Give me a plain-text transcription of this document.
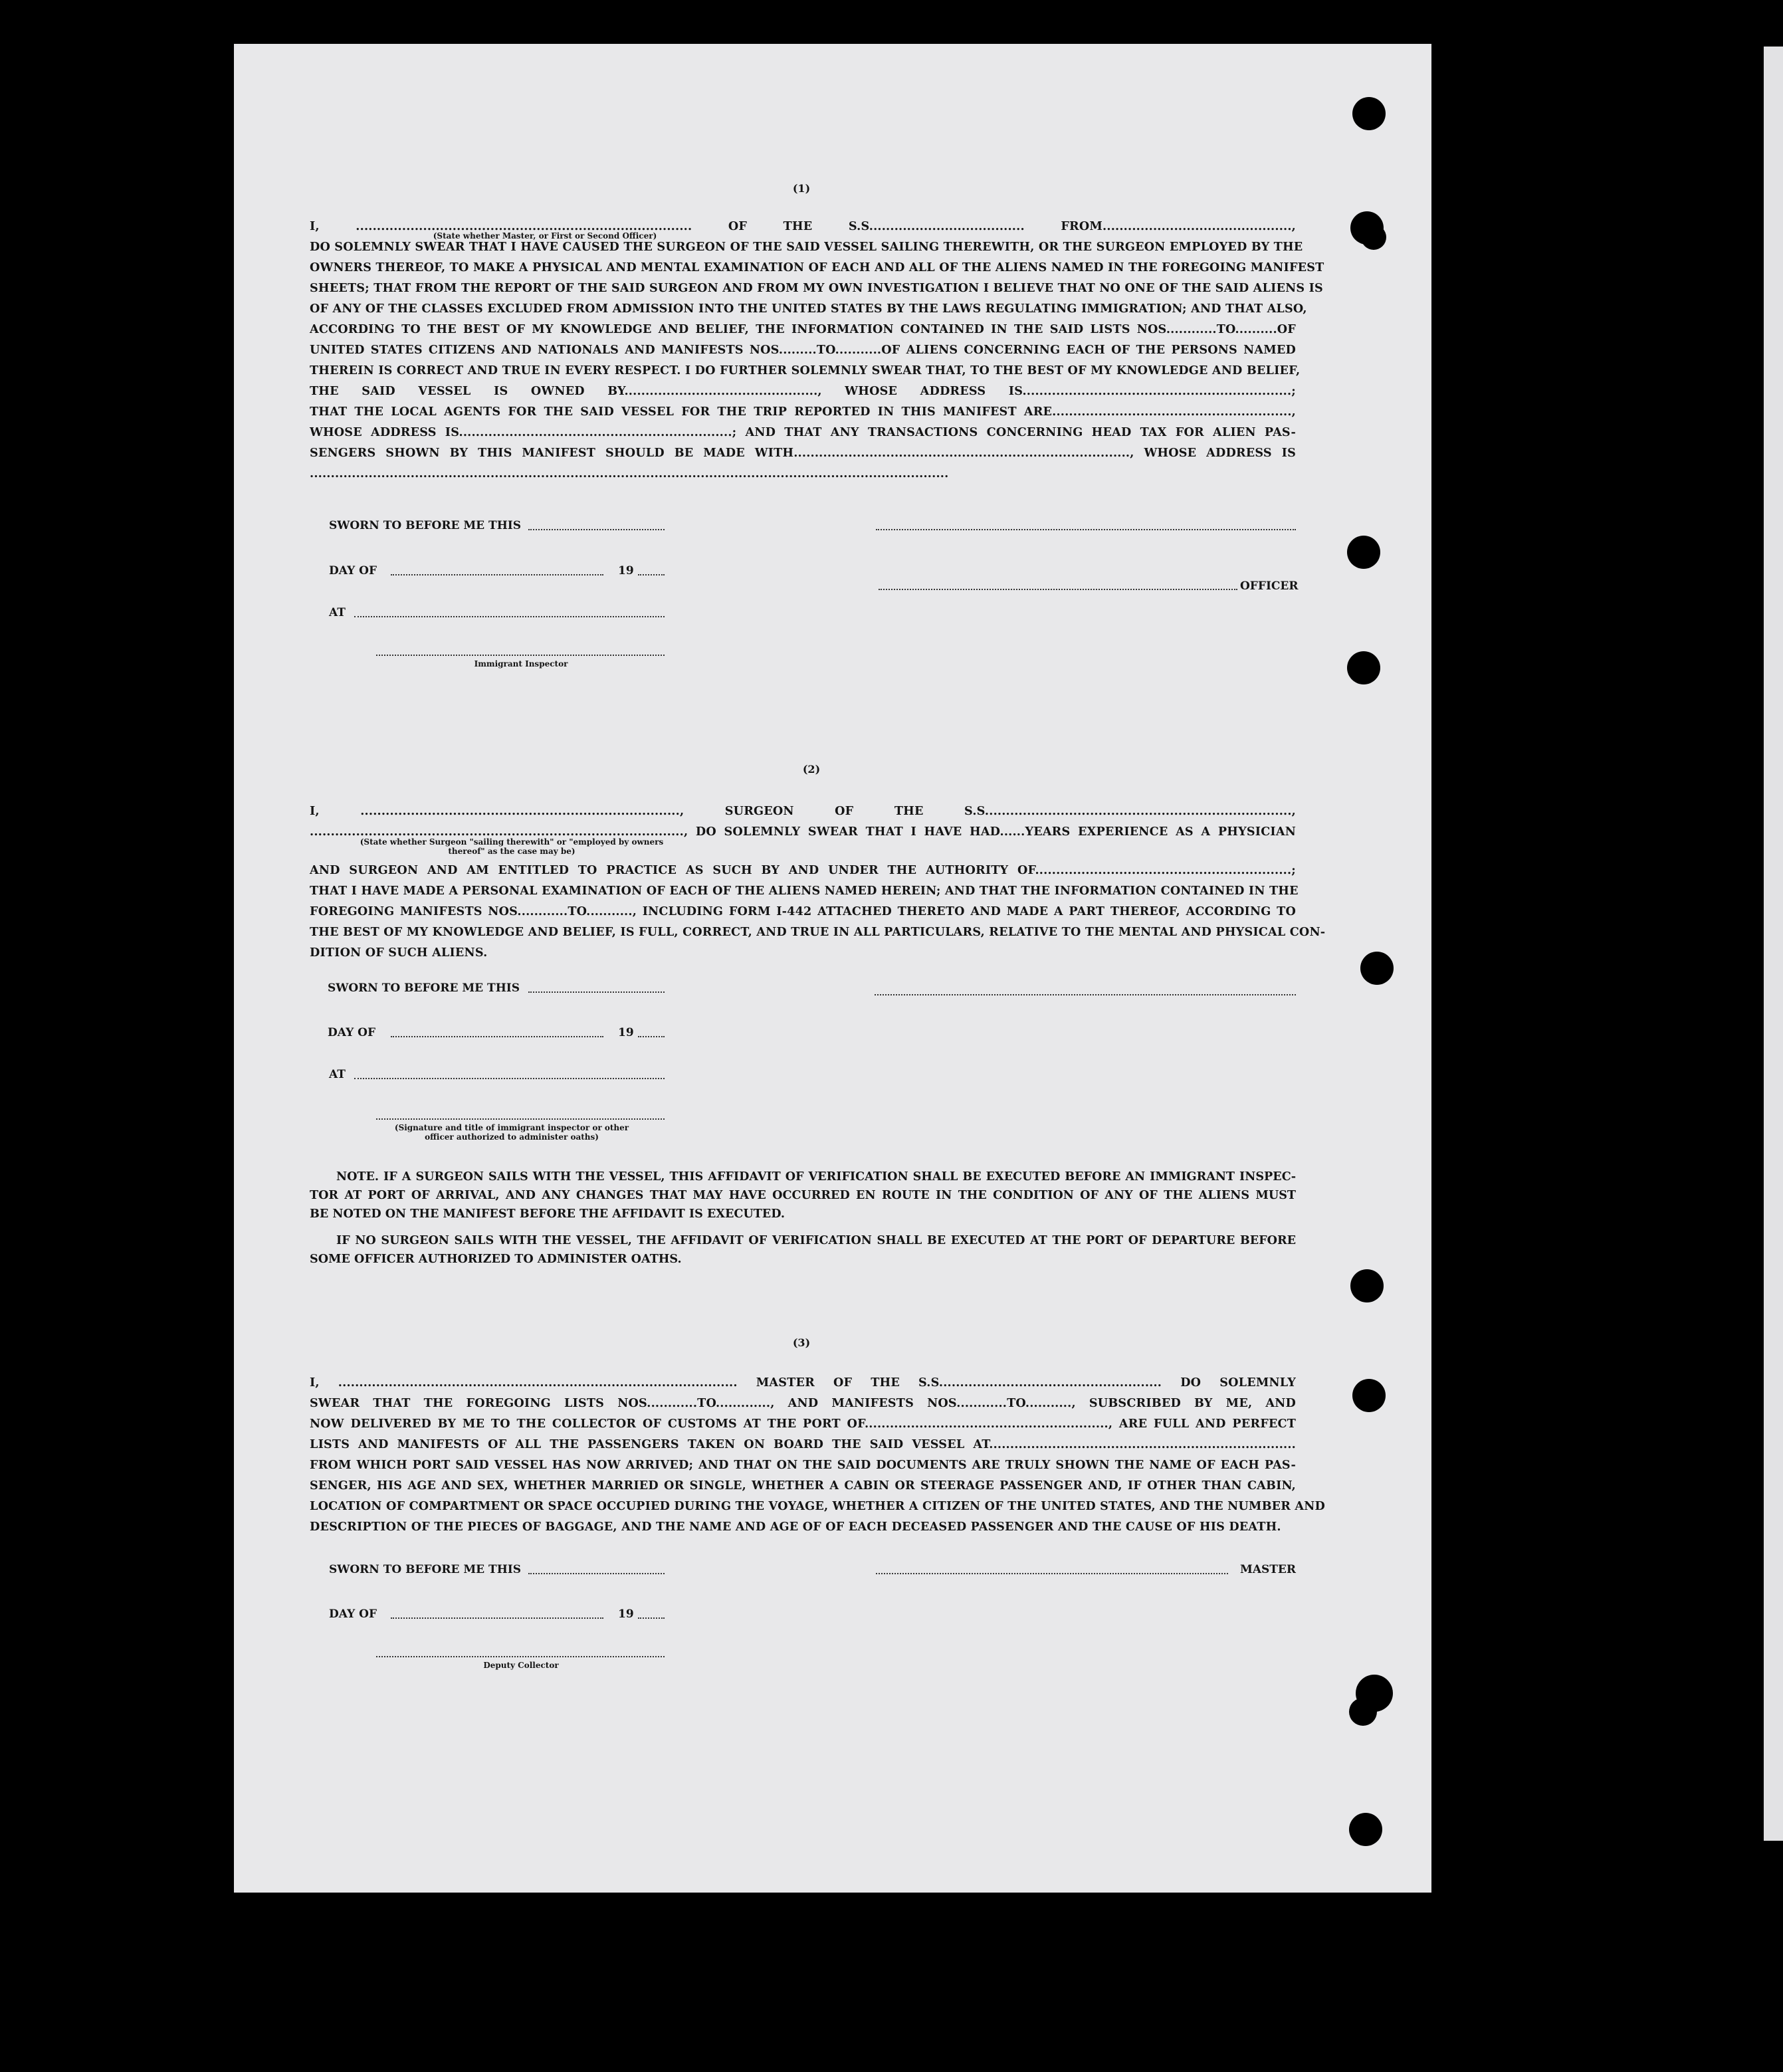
(1)
I, ................................................................................ OF THE S.S..................................... FROM.............................................,
DO SOLEMNLY SWEAR THAT I HAVE CAUSED THE SURGEON OF THE SAID VESSEL SAILING THEREWITH, OR THE SURGEON EMPLOYED BY THE
OWNERS THEREOF, TO MAKE A PHYSICAL AND MENTAL EXAMINATION OF EACH AND ALL OF THE ALIENS NAMED IN THE FOREGOING MANIFEST
SHEETS; THAT FROM THE REPORT OF THE SAID SURGEON AND FROM MY OWN INVESTIGATION I BELIEVE THAT NO ONE OF THE SAID ALIENS IS
OF ANY OF THE CLASSES EXCLUDED FROM ADMISSION INTO THE UNITED STATES BY THE LAWS REGULATING IMMIGRATION; AND THAT ALSO,
ACCORDING TO THE BEST OF MY KNOWLEDGE AND BELIEF, THE INFORMATION CONTAINED IN THE SAID LISTS NOS............TO..........OF
UNITED STATES CITIZENS AND NATIONALS AND MANIFESTS NOS.........TO...........OF ALIENS CONCERNING EACH OF THE PERSONS NAMED
THEREIN IS CORRECT AND TRUE IN EVERY RESPECT. I DO FURTHER SOLEMNLY SWEAR THAT, TO THE BEST OF MY KNOWLEDGE AND BELIEF,
THE SAID VESSEL IS OWNED BY.............................................., WHOSE ADDRESS IS................................................................;
THAT THE LOCAL AGENTS FOR THE SAID VESSEL FOR THE TRIP REPORTED IN THIS MANIFEST ARE.........................................................,
WHOSE ADDRESS IS.................................................................; AND THAT ANY TRANSACTIONS CONCERNING HEAD TAX FOR ALIEN PAS-
SENGERS SHOWN BY THIS MANIFEST SHOULD BE MADE WITH................................................................................, WHOSE ADDRESS IS
........................................................................................................................................................
(State whether Master, or First or Second Officer)
SWORN TO BEFORE ME THIS
DAY OF	19
OFFICER
AT
Immigrant Inspector
(2)
I, ............................................................................, SURGEON OF THE S.S.........................................................................,
........................................................................................., DO SOLEMNLY SWEAR THAT I HAVE HAD......YEARS EXPERIENCE AS A PHYSICIAN
(State whether Surgeon "sailing therewith" or "employed by owners thereof" as the case may be)
AND SURGEON AND AM ENTITLED TO PRACTICE AS SUCH BY AND UNDER THE AUTHORITY OF.............................................................;
THAT I HAVE MADE A PERSONAL EXAMINATION OF EACH OF THE ALIENS NAMED HEREIN; AND THAT THE INFORMATION CONTAINED IN THE
FOREGOING MANIFESTS NOS............TO..........., INCLUDING FORM I-442 ATTACHED THERETO AND MADE A PART THEREOF, ACCORDING TO
THE BEST OF MY KNOWLEDGE AND BELIEF, IS FULL, CORRECT, AND TRUE IN ALL PARTICULARS, RELATIVE TO THE MENTAL AND PHYSICAL CON-
DITION OF SUCH ALIENS.
SWORN TO BEFORE ME THIS
DAY OF	19
AT
(Signature and title of immigrant inspector or other officer authorized to administer oaths)
NOTE. IF A SURGEON SAILS WITH THE VESSEL, THIS AFFIDAVIT OF VERIFICATION SHALL BE EXECUTED BEFORE AN IMMIGRANT INSPEC-
TOR AT PORT OF ARRIVAL, AND ANY CHANGES THAT MAY HAVE OCCURRED EN ROUTE IN THE CONDITION OF ANY OF THE ALIENS MUST
BE NOTED ON THE MANIFEST BEFORE THE AFFIDAVIT IS EXECUTED.
IF NO SURGEON SAILS WITH THE VESSEL, THE AFFIDAVIT OF VERIFICATION SHALL BE EXECUTED AT THE PORT OF DEPARTURE BEFORE
SOME OFFICER AUTHORIZED TO ADMINISTER OATHS.
(3)
I, ............................................................................................... MASTER OF THE S.S..................................................... DO SOLEMNLY
SWEAR THAT THE FOREGOING LISTS NOS............TO............., AND MANIFESTS NOS............TO..........., SUBSCRIBED BY ME, AND
NOW DELIVERED BY ME TO THE COLLECTOR OF CUSTOMS AT THE PORT OF.........................................................., ARE FULL AND PERFECT
LISTS AND MANIFESTS OF ALL THE PASSENGERS TAKEN ON BOARD THE SAID VESSEL AT.........................................................................
FROM WHICH PORT SAID VESSEL HAS NOW ARRIVED; AND THAT ON THE SAID DOCUMENTS ARE TRULY SHOWN THE NAME OF EACH PAS-
SENGER, HIS AGE AND SEX, WHETHER MARRIED OR SINGLE, WHETHER A CABIN OR STEERAGE PASSENGER AND, IF OTHER THAN CABIN,
LOCATION OF COMPARTMENT OR SPACE OCCUPIED DURING THE VOYAGE, WHETHER A CITIZEN OF THE UNITED STATES, AND THE NUMBER AND
DESCRIPTION OF THE PIECES OF BAGGAGE, AND THE NAME AND AGE OF OF EACH DECEASED PASSENGER AND THE CAUSE OF HIS DEATH.
SWORN TO BEFORE ME THIS	MASTER
DAY OF	19
Deputy Collector
